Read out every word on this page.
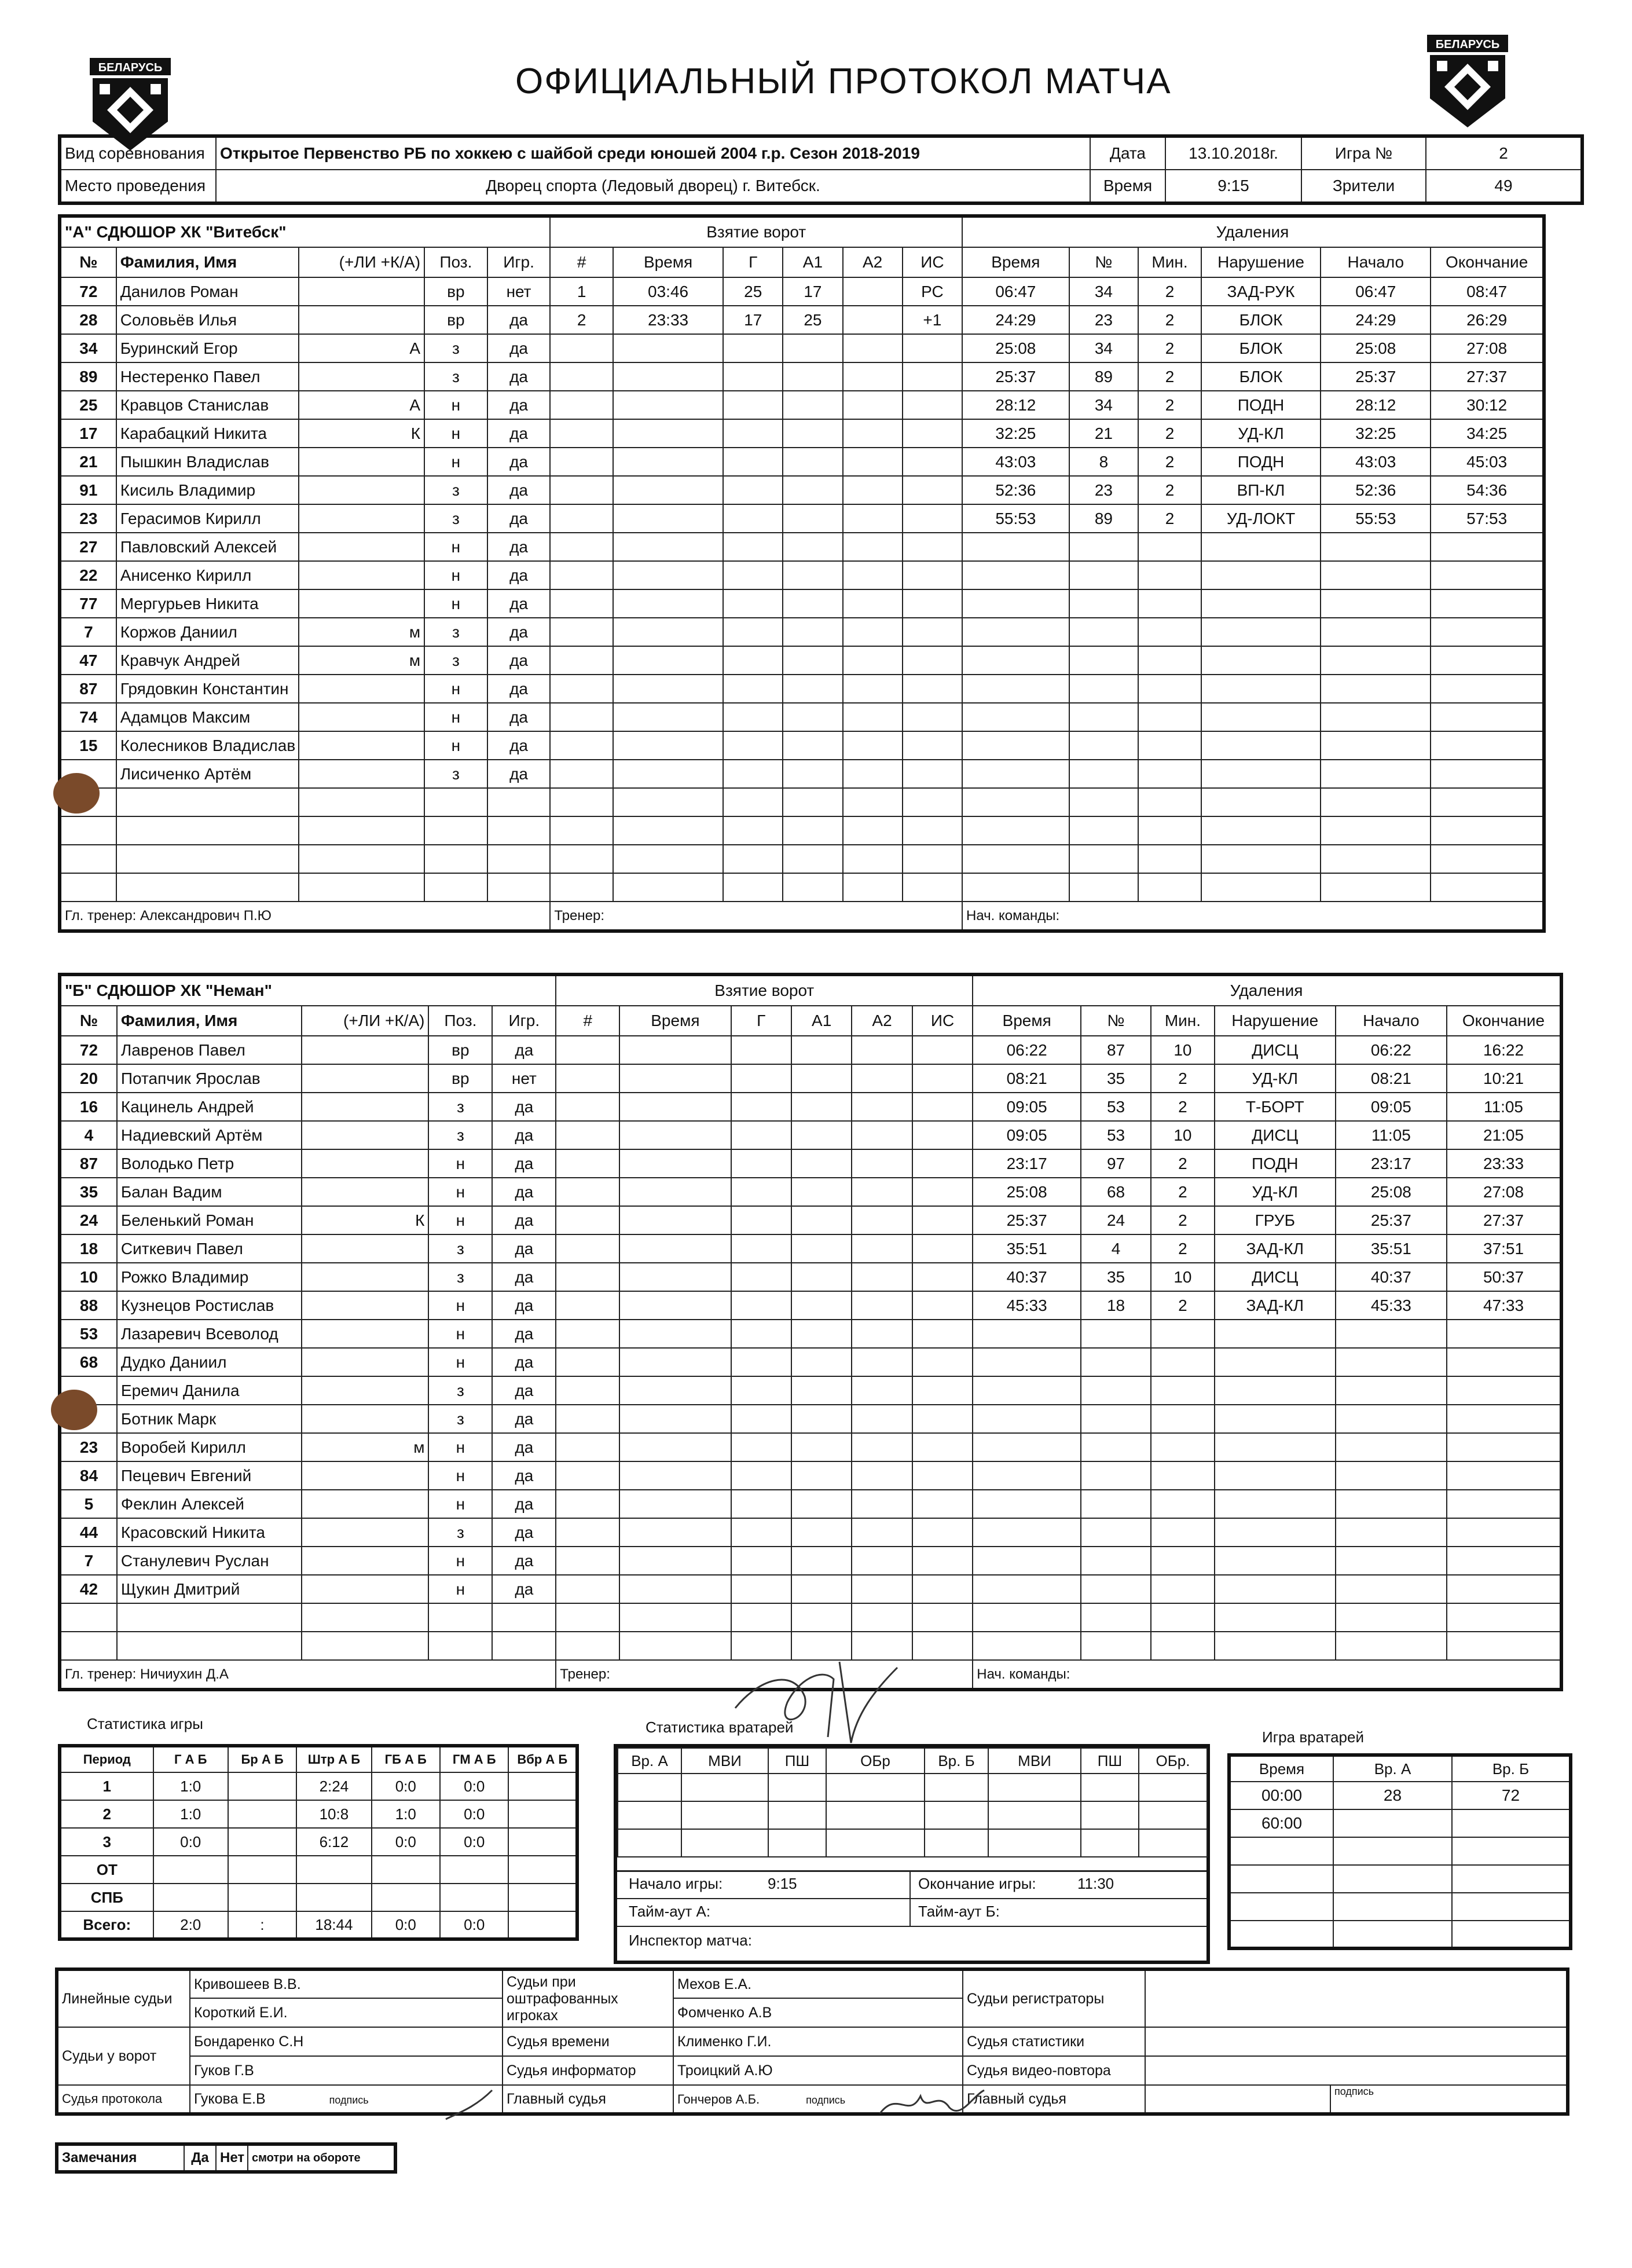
БЕЛАРУСЬ
БЕЛАРУСЬ
ОФИЦИАЛЬНЫЙ ПРОТОКОЛ МАТЧА
Вид соревнования	Открытое Первенство РБ по хоккею с шайбой среди юношей 2004 г.р. Сезон 2018-2019	Дата	13.10.2018г.	Игра №	2
Место проведения	Дворец спорта (Ледовый дворец) г. Витебск.	Время	9:15	Зрители	49
"А" СДЮШОР ХК "Витебск"					Взятие ворот						Удаления					
№	Фамилия, Имя	(+ЛИ +К/А)	Поз.	Игр.	#	Время	Г	А1	А2	ИС	Время	№	Мин.	Нарушение	Начало	Окончание
72	Данилов Роман		вр	нет	1	03:46	25	17		РС	06:47	34	2	ЗАД-РУК	06:47	08:47
28	Соловьёв Илья		вр	да	2	23:33	17	25		+1	24:29	23	2	БЛОК	24:29	26:29
34	Буринский Егор	А	з	да							25:08	34	2	БЛОК	25:08	27:08
89	Нестеренко Павел		з	да							25:37	89	2	БЛОК	25:37	27:37
25	Кравцов Станислав	А	н	да							28:12	34	2	ПОДН	28:12	30:12
17	Карабацкий Никита	К	н	да							32:25	21	2	УД-КЛ	32:25	34:25
21	Пышкин Владислав		н	да							43:03	8	2	ПОДН	43:03	45:03
91	Кисиль Владимир		з	да							52:36	23	2	ВП-КЛ	52:36	54:36
23	Герасимов Кирилл		з	да							55:53	89	2	УД-ЛОКТ	55:53	57:53
27	Павловский Алексей		н	да												
22	Анисенко Кирилл		н	да												
77	Мергурьев Никита		н	да												
7	Коржов Даниил	м	з	да												
47	Кравчук Андрей	м	з	да												
87	Грядовкин Константин		н	да												
74	Адамцов Максим		н	да												
15	Колесников Владислав		н	да												
	Лисиченко Артём		з	да												

Гл. тренер: Александрович П.Ю					Тренер:						Нач. команды:					
"Б" СДЮШОР ХК "Неман"					Взятие ворот						Удаления					
№	Фамилия, Имя	(+ЛИ +К/А)	Поз.	Игр.	#	Время	Г	А1	А2	ИС	Время	№	Мин.	Нарушение	Начало	Окончание
72	Лавренов Павел		вр	да							06:22	87	10	ДИСЦ	06:22	16:22
20	Потапчик Ярослав		вр	нет							08:21	35	2	УД-КЛ	08:21	10:21
16	Кацинель Андрей		з	да							09:05	53	2	Т-БОРТ	09:05	11:05
4	Надиевский Артём		з	да							09:05	53	10	ДИСЦ	11:05	21:05
87	Володько Петр		н	да							23:17	97	2	ПОДН	23:17	23:33
35	Балан Вадим		н	да							25:08	68	2	УД-КЛ	25:08	27:08
24	Беленький Роман	К	н	да							25:37	24	2	ГРУБ	25:37	27:37
18	Ситкевич Павел		з	да							35:51	4	2	ЗАД-КЛ	35:51	37:51
10	Рожко Владимир		з	да							40:37	35	10	ДИСЦ	40:37	50:37
88	Кузнецов Ростислав		н	да							45:33	18	2	ЗАД-КЛ	45:33	47:33
53	Лазаревич Всеволод		н	да												
68	Дудко Даниил		н	да												
	Еремич Данила		з	да												
	Ботник Марк		з	да												
23	Воробей Кирилл	м	н	да												
84	Пецевич Евгений		н	да												
5	Феклин Алексей		н	да												
44	Красовский Никита		з	да												
7	Станулевич Руслан		н	да												
42	Щукин Дмитрий		н	да												

Гл. тренер: Ничиухин Д.А					Тренер:						Нач. команды:					
Статистика игры
Период	Г А Б	Бр А Б	Штр А Б	ГБ А Б	ГМ А Б	Вбр А Б
1	1:0		2:24	0:0	0:0	
2	1:0		10:8	1:0	0:0	
3	0:0		6:12	0:0	0:0	
ОТ						
СПБ						
Всего:	2:0	:	18:44	0:0	0:0	
Статистика вратарей
Вр. А	МВИ	ПШ	ОБр	Вр. Б	МВИ	ПШ	ОБр.

Начало игры:	9:15	Окончание игры:	11:30
Тайм-аут А:	Тайм-аут Б:
Инспектор матча:
Игра вратарей
Время	Вр. А	Вр. Б
00:00	28	72
60:00		

Линейные судьи	Кривошеев В.В.	Судьи при оштрафованных игроках	Мехов Е.А.	Судьи регистраторы		
	Короткий Е.И.		Фомченко А.В			
Судьи у ворот	Бондаренко С.Н	Судья времени	Клименко Г.И.	Судья статистики		
	Гуков Г.В	Судья информатор	Троицкий А.Ю	Судья видео-повтора		
Судья протокола	Гукова Е.В подпись	Главный судья	Гончеров А.Б. подпись	Главный судья		подпись
Замечания	Да	Нет	смотри на обороте
